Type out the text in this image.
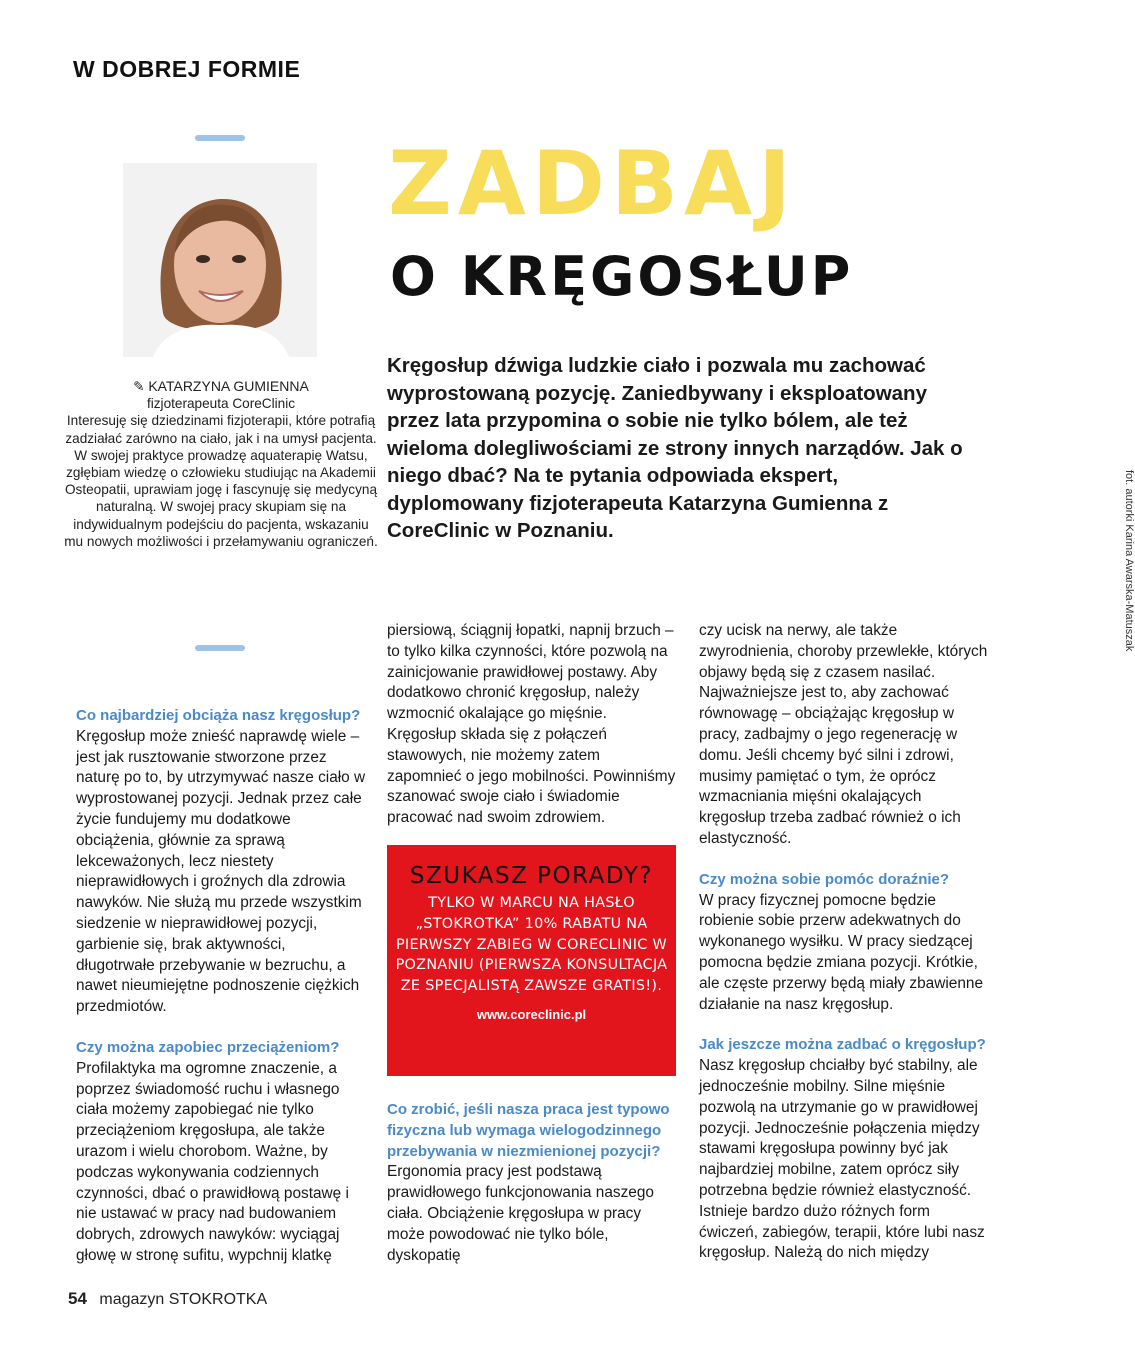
W DOBREJ FORMIE
ZADBAJ
O KRĘGOSŁUP
Kręgosłup dźwiga ludzkie ciało i pozwala mu zachować wyprostowaną pozycję. Zaniedbywany i eksploatowany przez lata przypomina o sobie nie tylko bólem, ale też wieloma dolegliwościami ze strony innych narządów. Jak o niego dbać? Na te pytania odpowiada ekspert, dyplomowany fizjoterapeuta Katarzyna Gumienna z CoreClinic w Poznaniu.
✎ KATARZYNA GUMIENNA
fizjoterapeuta CoreClinic
Interesuję się dziedzinami fizjoterapii, które potrafią zadziałać zarówno na ciało, jak i na umysł pacjenta. W swojej praktyce prowadzę aquaterapię Watsu, zgłębiam wiedzę o człowieku studiując na Akademii Osteopatii, uprawiam jogę i fascynuję się medycyną naturalną. W swojej pracy skupiam się na indywidualnym podejściu do pacjenta, wskazaniu mu nowych możliwości i przełamywaniu ograniczeń.	fot. autorki Karina Awarska-Matuszak

Co najbardziej obciąża nasz kręgosłup?

Kręgosłup może znieść naprawdę wiele – jest jak rusztowanie stworzone przez naturę po to, by utrzymywać nasze ciało w wyprostowanej pozycji. Jednak przez całe życie fundujemy mu dodatkowe obciążenia, głównie za sprawą lekceważonych, lecz niestety nieprawidłowych i groźnych dla zdrowia nawyków. Nie służą mu przede wszystkim siedzenie w nieprawidłowej pozycji, garbienie się, brak aktywności, długotrwałe przebywanie w bezruchu, a nawet nieumiejętne podnoszenie ciężkich przedmiotów.

Czy można zapobiec przeciążeniom?

Profilaktyka ma ogromne znaczenie, a poprzez świadomość ruchu i własnego ciała możemy zapobiegać nie tylko przeciążeniom kręgosłupa, ale także urazom i wielu chorobom. Ważne, by podczas wykonywania codziennych czynności, dbać o prawidłową postawę i nie ustawać w pracy nad budowaniem dobrych, zdrowych nawyków: wyciągaj głowę w stronę sufitu, wypchnij klatkę

piersiową, ściągnij łopatki, napnij brzuch – to tylko kilka czynności, które pozwolą na zainicjowanie prawidłowej postawy. Aby dodatkowo chronić kręgosłup, należy wzmocnić okalające go mięśnie. Kręgosłup składa się z połączeń stawowych, nie możemy zatem zapomnieć o jego mobilności. Powinniśmy szanować swoje ciało i świadomie pracować nad swoim zdrowiem.

SZUKASZ PORADY?
TYLKO W MARCU NA HASŁO „STOKROTKA” 10% RABATU NA PIERWSZY ZABIEG W CORECLINIC W POZNANIU (PIERWSZA KONSULTACJA ZE SPECJALISTĄ ZAWSZE GRATIS!).
www.coreclinic.pl

Co zrobić, jeśli nasza praca jest typowo fizyczna lub wymaga wielogodzinnego przebywania w niezmienionej pozycji?

Ergonomia pracy jest podstawą prawidłowego funkcjonowania naszego ciała. Obciążenie kręgosłupa w pracy może powodować nie tylko bóle, dyskopatię

czy ucisk na nerwy, ale także zwyrodnienia, choroby przewlekłe, których objawy będą się z czasem nasilać. Najważniejsze jest to, aby zachować równowagę – obciążając kręgosłup w pracy, zadbajmy o jego regenerację w domu. Jeśli chcemy być silni i zdrowi, musimy pamiętać o tym, że oprócz wzmacniania mięśni okalających kręgosłup trzeba zadbać również o ich elastyczność.

Czy można sobie pomóc doraźnie?

W pracy fizycznej pomocne będzie robienie sobie przerw adekwatnych do wykonanego wysiłku. W pracy siedzącej pomocna będzie zmiana pozycji. Krótkie, ale częste przerwy będą miały zbawienne działanie na nasz kręgosłup.

Jak jeszcze można zadbać o kręgosłup?

Nasz kręgosłup chciałby być stabilny, ale jednocześnie mobilny. Silne mięśnie pozwolą na utrzymanie go w prawidłowej pozycji. Jednocześnie połączenia między stawami kręgosłupa powinny być jak najbardziej mobilne, zatem oprócz siły potrzebna będzie również elastyczność. Istnieje bardzo dużo różnych form ćwiczeń, zabiegów, terapii, które lubi nasz kręgosłup. Należą do nich między

54 magazyn STOKROTKA
